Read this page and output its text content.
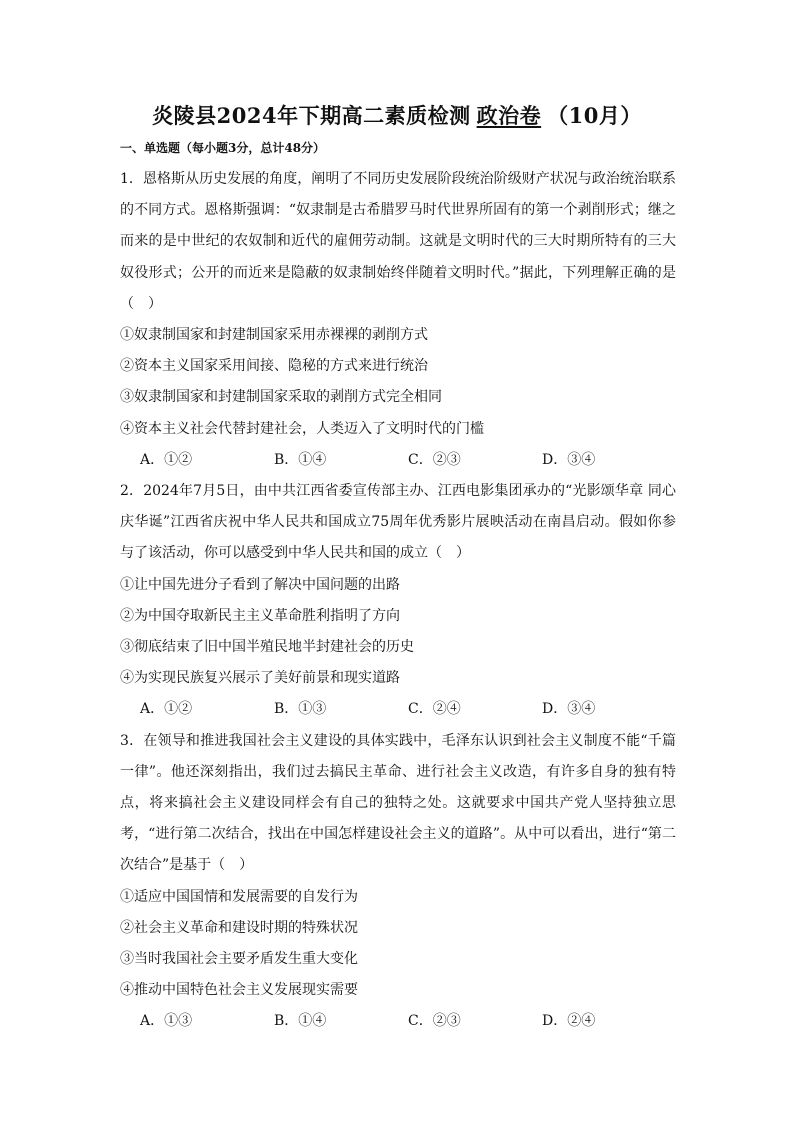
炎陵县2024年下期高二素质检测 政治卷 （10月）
一、单选题（每小题3分，总计48分）

1．恩格斯从历史发展的角度，阐明了不同历史发展阶段统治阶级财产状况与政治统治联系的不同方式。恩格斯强调：“奴隶制是古希腊罗马时代世界所固有的第一个剥削形式；继之而来的是中世纪的农奴制和近代的雇佣劳动制。这就是文明时代的三大时期所特有的三大奴役形式；公开的而近来是隐蔽的奴隶制始终伴随着文明时代。”据此，下列理解正确的是（　）

①奴隶制国家和封建制国家采用赤裸裸的剥削方式

②资本主义国家采用间接、隐秘的方式来进行统治

③奴隶制国家和封建制国家采取的剥削方式完全相同

④资本主义社会代替封建社会，人类迈入了文明时代的门槛

A．①②	B．①④	C．②③	D．③④

2．2024年7月5日，由中共江西省委宣传部主办、江西电影集团承办的“光影颂华章 同心庆华诞”江西省庆祝中华人民共和国成立75周年优秀影片展映活动在南昌启动。假如你参与了该活动，你可以感受到中华人民共和国的成立（　）

①让中国先进分子看到了解决中国问题的出路

②为中国夺取新民主主义革命胜利指明了方向

③彻底结束了旧中国半殖民地半封建社会的历史

④为实现民族复兴展示了美好前景和现实道路

A．①②	B．①③	C．②④	D．③④

3．在领导和推进我国社会主义建设的具体实践中，毛泽东认识到社会主义制度不能“千篇一律”。他还深刻指出，我们过去搞民主革命、进行社会主义改造，有许多自身的独有特点，将来搞社会主义建设同样会有自己的独特之处。这就要求中国共产党人坚持独立思考，“进行第二次结合，找出在中国怎样建设社会主义的道路”。从中可以看出，进行“第二次结合”是基于（　）

①适应中国国情和发展需要的自发行为

②社会主义革命和建设时期的特殊状况

③当时我国社会主要矛盾发生重大变化

④推动中国特色社会主义发展现实需要

A．①③	B．①④	C．②③	D．②④
